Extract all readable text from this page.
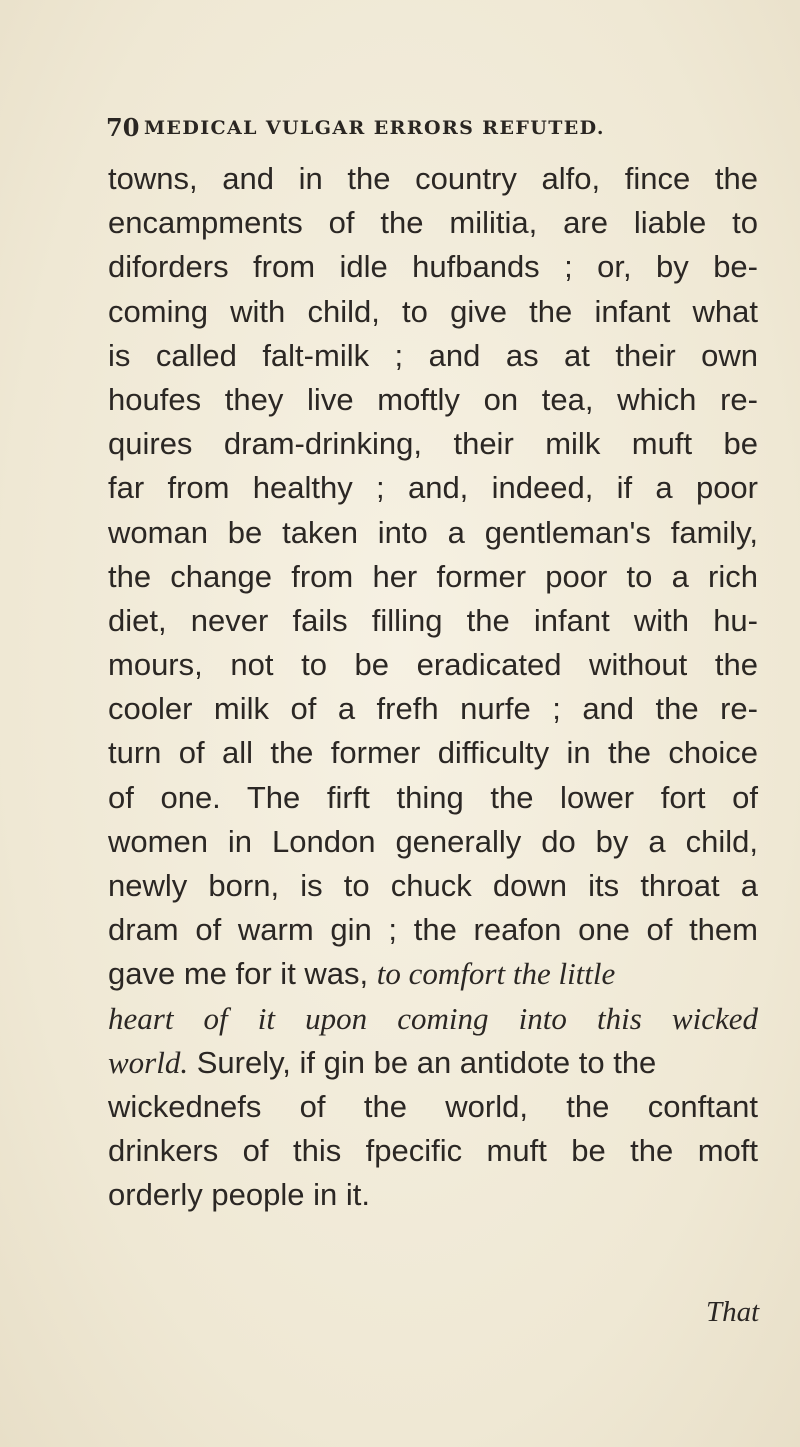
70 MEDICAL VULGAR ERRORS REFUTED.
towns, and in the country alfo, fince the
encampments of the militia, are liable to
diforders from idle hufbands ; or, by be-
coming with child, to give the infant what
is called falt-milk ; and as at their own
houfes they live moftly on tea, which re-
quires dram-drinking, their milk muft be
far from healthy ; and, indeed, if a poor
woman be taken into a gentleman's family,
the change from her former poor to a rich
diet, never fails filling the infant with hu-
mours, not to be eradicated without the
cooler milk of a frefh nurfe ; and the re-
turn of all the former difficulty in the choice
of one. The firft thing the lower fort of
women in London generally do by a child,
newly born, is to chuck down its throat a
dram of warm gin ; the reafon one of them
gave me for it was, to comfort the little
heart of it upon coming into this wicked
world. Surely, if gin be an antidote to the
wickednefs of the world, the conftant
drinkers of this fpecific muft be the moft
orderly people in it.
That
